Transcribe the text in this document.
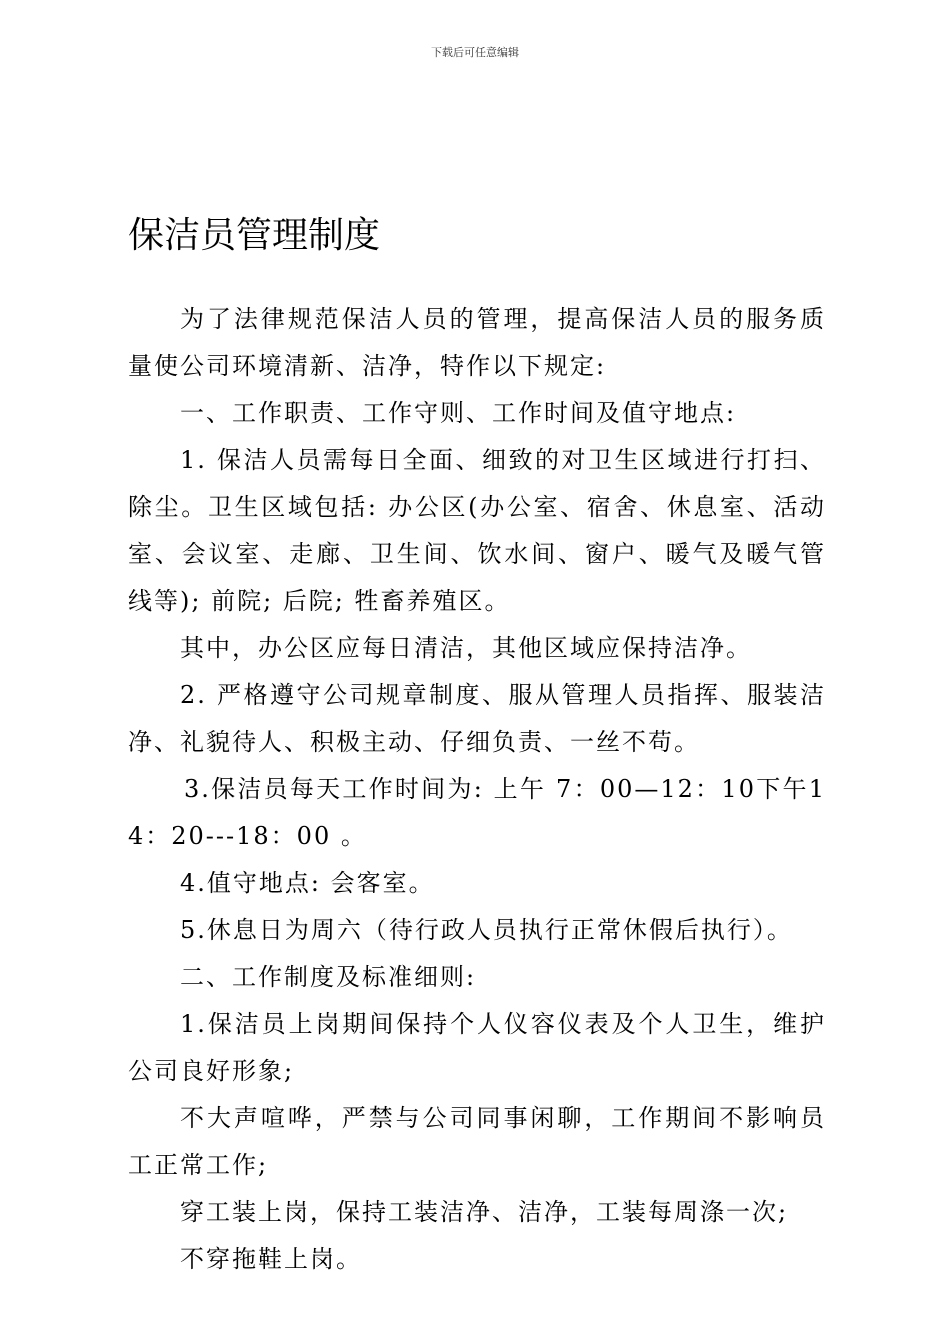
下载后可任意编辑
保洁员管理制度

为了法律规范保洁人员的管理，提高保洁人员的服务质量使公司环境清新、洁净，特作以下规定:

一、工作职责、工作守则、工作时间及值守地点:

1. 保洁人员需每日全面、细致的对卫生区域进行打扫、除尘。卫生区域包括: 办公区(办公室、宿舍、休息室、活动室、会议室、走廊、卫生间、饮水间、窗户、暖气及暖气管线等); 前院; 后院; 牲畜养殖区。

其中，办公区应每日清洁，其他区域应保持洁净。

2. 严格遵守公司规章制度、服从管理人员指挥、服装洁净、礼貌待人、积极主动、仔细负责、一丝不苟。

3.保洁员每天工作时间为: 上午 7：00—12：10下午14：20---18：00 。

4.值守地点: 会客室。

5.休息日为周六（待行政人员执行正常休假后执行）。

二、工作制度及标准细则:

1.保洁员上岗期间保持个人仪容仪表及个人卫生，维护公司良好形象;

不大声喧哗，严禁与公司同事闲聊，工作期间不影响员工正常工作;

穿工装上岗，保持工装洁净、洁净，工装每周涤一次;

不穿拖鞋上岗。
